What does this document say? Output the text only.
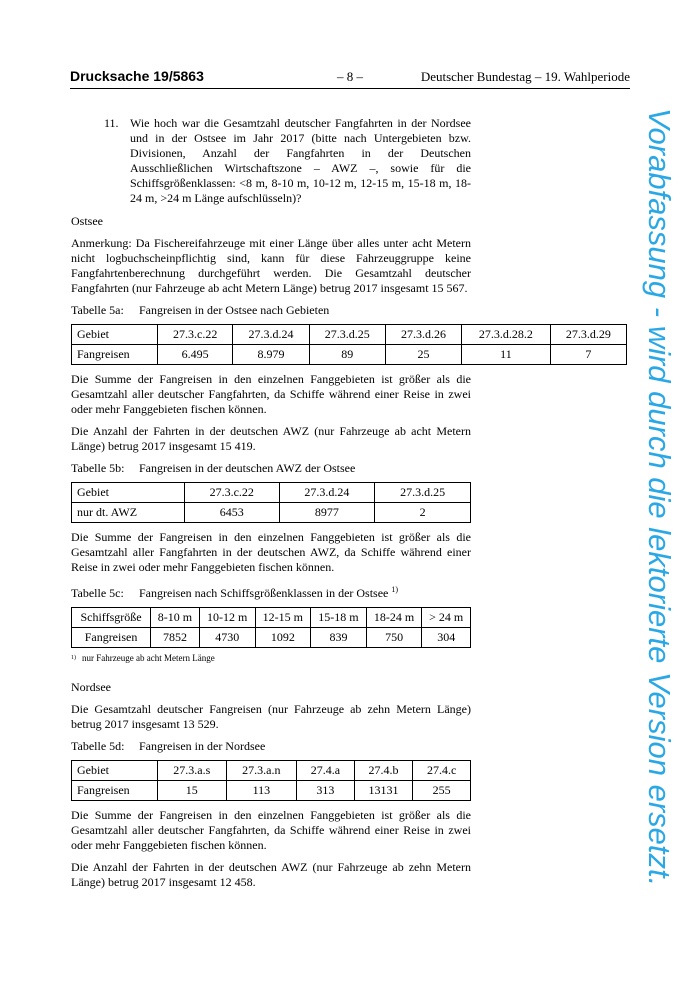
Drucksache 19/5863	– 8 –	Deutscher Bundestag – 19. Wahlperiode
11. Wie hoch war die Gesamtzahl deutscher Fangfahrten in der Nordsee und in der Ostsee im Jahr 2017 (bitte nach Untergebieten bzw. Divisionen, Anzahl der Fangfahrten in der Deutschen Ausschließlichen Wirtschaftszone – AWZ –, sowie für die Schiffsgrößenklassen: <8 m, 8-10 m, 10-12 m, 12-15 m, 15-18 m, 18-24 m, >24 m Länge aufschlüsseln)?

Ostsee

Anmerkung: Da Fischereifahrzeuge mit einer Länge über alles unter acht Metern nicht logbuchscheinpflichtig sind, kann für diese Fahrzeuggruppe keine Fangfahrtenberechnung durchgeführt werden. Die Gesamtzahl deutscher Fangfahrten (nur Fahrzeuge ab acht Metern Länge) betrug 2017 insgesamt 15 567.

Tabelle 5a: Fangreisen in der Ostsee nach Gebieten
Gebiet	27.3.c.22	27.3.d.24	27.3.d.25	27.3.d.26	27.3.d.28.2	27.3.d.29
Fangreisen	6.495	8.979	89	25	11	7

Die Summe der Fangreisen in den einzelnen Fanggebieten ist größer als die Gesamtzahl aller deutscher Fangfahrten, da Schiffe während einer Reise in zwei oder mehr Fanggebieten fischen können.

Die Anzahl der Fahrten in der deutschen AWZ (nur Fahrzeuge ab acht Metern Länge) betrug 2017 insgesamt 15 419.

Tabelle 5b: Fangreisen in der deutschen AWZ der Ostsee
Gebiet	27.3.c.22	27.3.d.24	27.3.d.25
nur dt. AWZ	6453	8977	2

Die Summe der Fangreisen in den einzelnen Fanggebieten ist größer als die Gesamtzahl aller Fangfahrten in der deutschen AWZ, da Schiffe während einer Reise in zwei oder mehr Fanggebieten fischen können.

Tabelle 5c: Fangreisen nach Schiffsgrößenklassen in der Ostsee $^{1)}$
Schiffsgröße	8-10 m	10-12 m	12-15 m	15-18 m	18-24 m	> 24 m
Fangreisen	7852	4730	1092	839	750	304
$^{1)}$ nur Fahrzeuge ab acht Metern Länge

Nordsee

Die Gesamtzahl deutscher Fangreisen (nur Fahrzeuge ab zehn Metern Länge) betrug 2017 insgesamt 13 529.

Tabelle 5d: Fangreisen in der Nordsee
Gebiet	27.3.a.s	27.3.a.n	27.4.a	27.4.b	27.4.c
Fangreisen	15	113	313	13131	255

Die Summe der Fangreisen in den einzelnen Fanggebieten ist größer als die Gesamtzahl aller deutscher Fangfahrten, da Schiffe während einer Reise in zwei oder mehr Fanggebieten fischen können.

Die Anzahl der Fahrten in der deutschen AWZ (nur Fahrzeuge ab zehn Metern Länge) betrug 2017 insgesamt 12 458.	Vorabfassung - wird durch die lektorierte Version ersetzt.
